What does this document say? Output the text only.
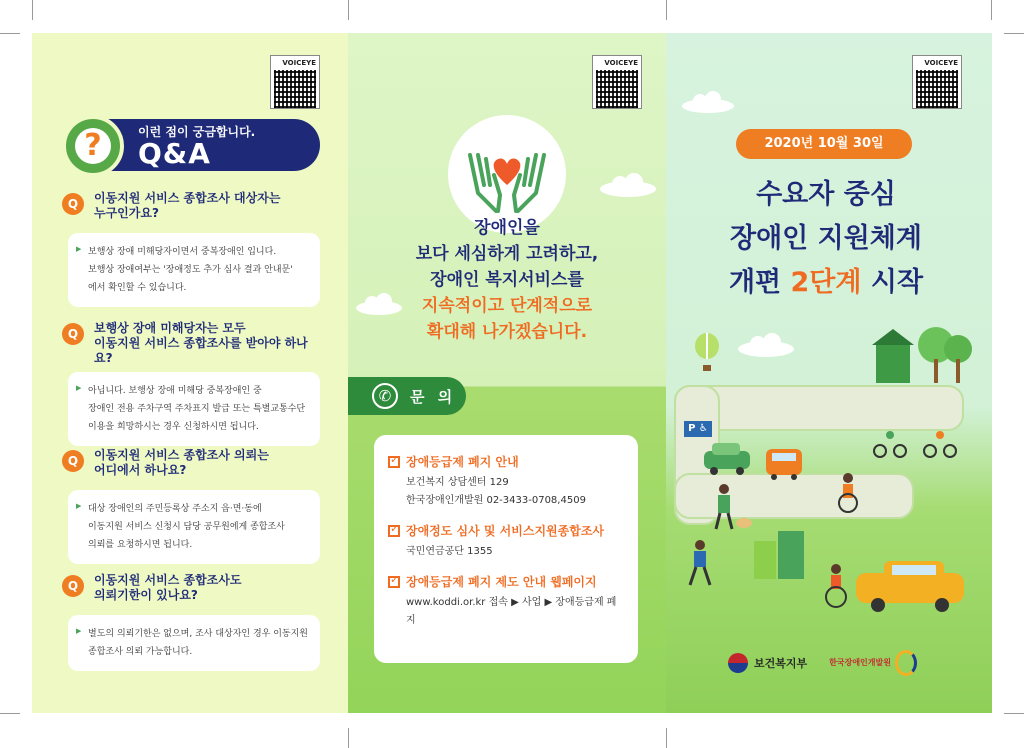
VOICEYE
이런 점이 궁금합니다.
Q&A
?
Q	이동지원 서비스 종합조사 대상자는
누구인가요?
▶ 보행상 장애 미해당자이면서 중복장애인 입니다.
보행상 장애여부는 '장애정도 추가 심사 결과 안내문'
에서 확인할 수 있습니다.
Q	보행상 장애 미해당자는 모두
이동지원 서비스 종합조사를 받아야 하나요?
▶ 아닙니다. 보행상 장애 미해당 중복장애인 중
장애인 전용 주차구역 주차표지 발급 또는 특별교통수단
이용을 희망하시는 경우 신청하시면 됩니다.
Q	이동지원 서비스 종합조사 의뢰는
어디에서 하나요?
▶ 대상 장애인의 주민등록상 주소지 읍·면·동에
이동지원 서비스 신청시 담당 공무원에게 종합조사
의뢰를 요청하시면 됩니다.
Q	이동지원 서비스 종합조사도
의뢰기한이 있나요?
▶ 별도의 의뢰기한은 없으며, 조사 대상자인 경우 이동지원
종합조사 의뢰 가능합니다.
VOICEYE
장애인을
보다 세심하게 고려하고,
장애인 복지서비스를
지속적이고 단계적으로
확대해 나가겠습니다.
✆	문 의
✓
장애등급제 폐지 안내
보건복지 상담센터 129
한국장애인개발원 02-3433-0708,4509
✓
장애정도 심사 및 서비스지원종합조사
국민연금공단 1355
✓
장애등급제 폐지 제도 안내 웹페이지
www.koddi.or.kr 접속 ▶ 사업 ▶ 장애등급제 폐지
VOICEYE
2020년 10월 30일
수요자 중심
장애인 지원체계
개편 2단계 시작
P ♿
보건복지부	한국장애인개발원
